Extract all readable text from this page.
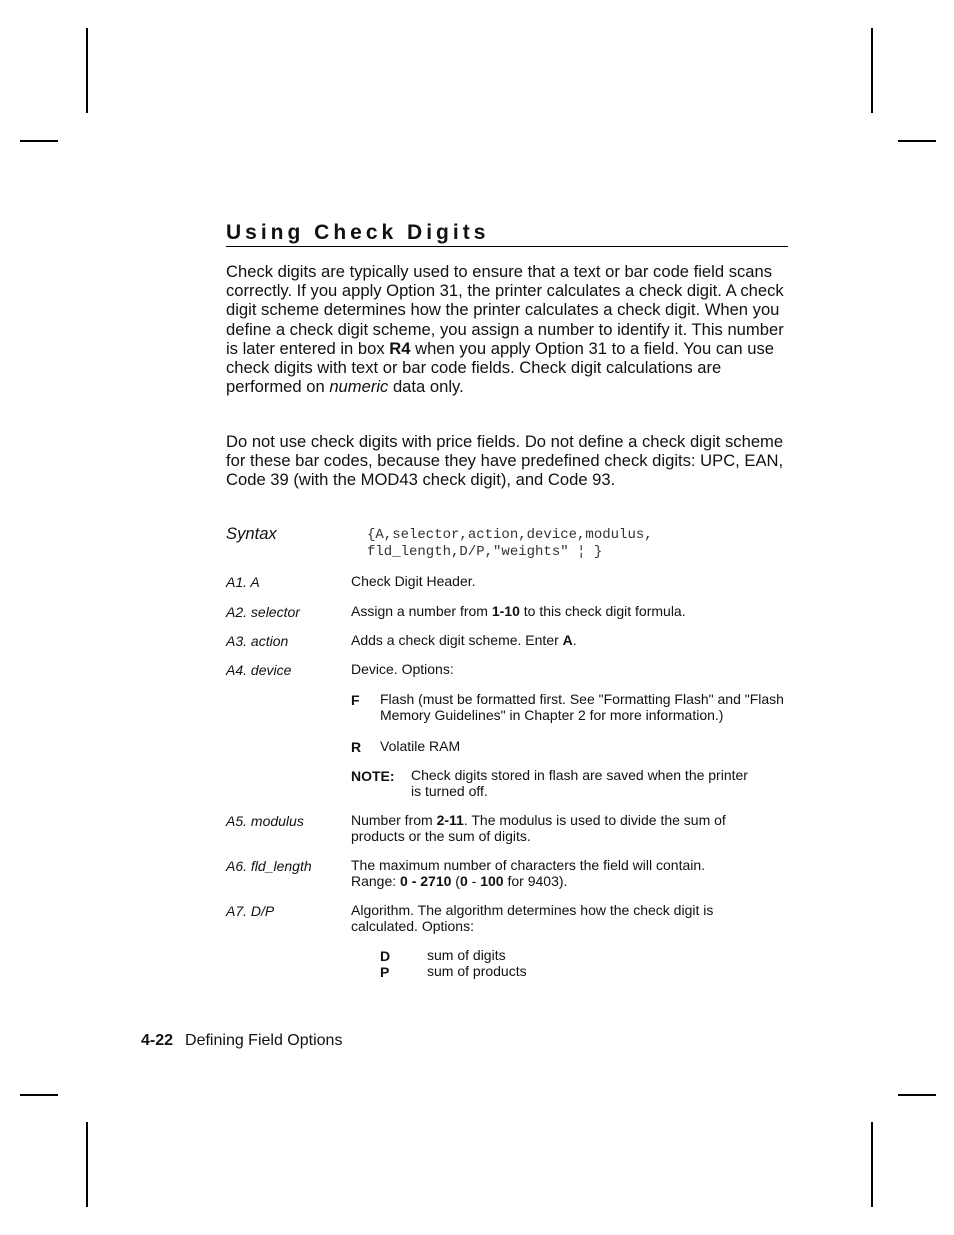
Using Check Digits

Check digits are typically used to ensure that a text or bar code field scans correctly. If you apply Option 31, the printer calculates a check digit. A check digit scheme determines how the printer calculates a check digit. When you define a check digit scheme, you assign a number to identify it. This number is later entered in box R4 when you apply Option 31 to a field. You can use check digits with text or bar code fields. Check digit calculations are performed on numeric data only.

Do not use check digits with price fields. Do not define a check digit scheme for these bar codes, because they have predefined check digits: UPC, EAN, Code 39 (with the MOD43 check digit), and Code 93.

Syntax	{A,selector,action,device,modulus,
fld_length,D/P,"weights" ¦ }
A1. A	Check Digit Header.

A2. selector	Assign a number from 1-10 to this check digit formula.

A3. action	Adds a check digit scheme. Enter A.

A4. device	Device. Options:

F Flash (must be formatted first. See "Formatting Flash" and "Flash Memory Guidelines" in Chapter 2 for more information.)

R Volatile RAM

NOTE: Check digits stored in flash are saved when the printer is turned off.

A5. modulus	Number from 2-11. The modulus is used to divide the sum of products or the sum of digits.

A6. fld_length	The maximum number of characters the field will contain.
Range: 0 - 2710 (0 - 100 for 9403).

A7. D/P	Algorithm. The algorithm determines how the check digit is calculated. Options:

D	sum of digits

P	sum of products

4-22 Defining Field Options
